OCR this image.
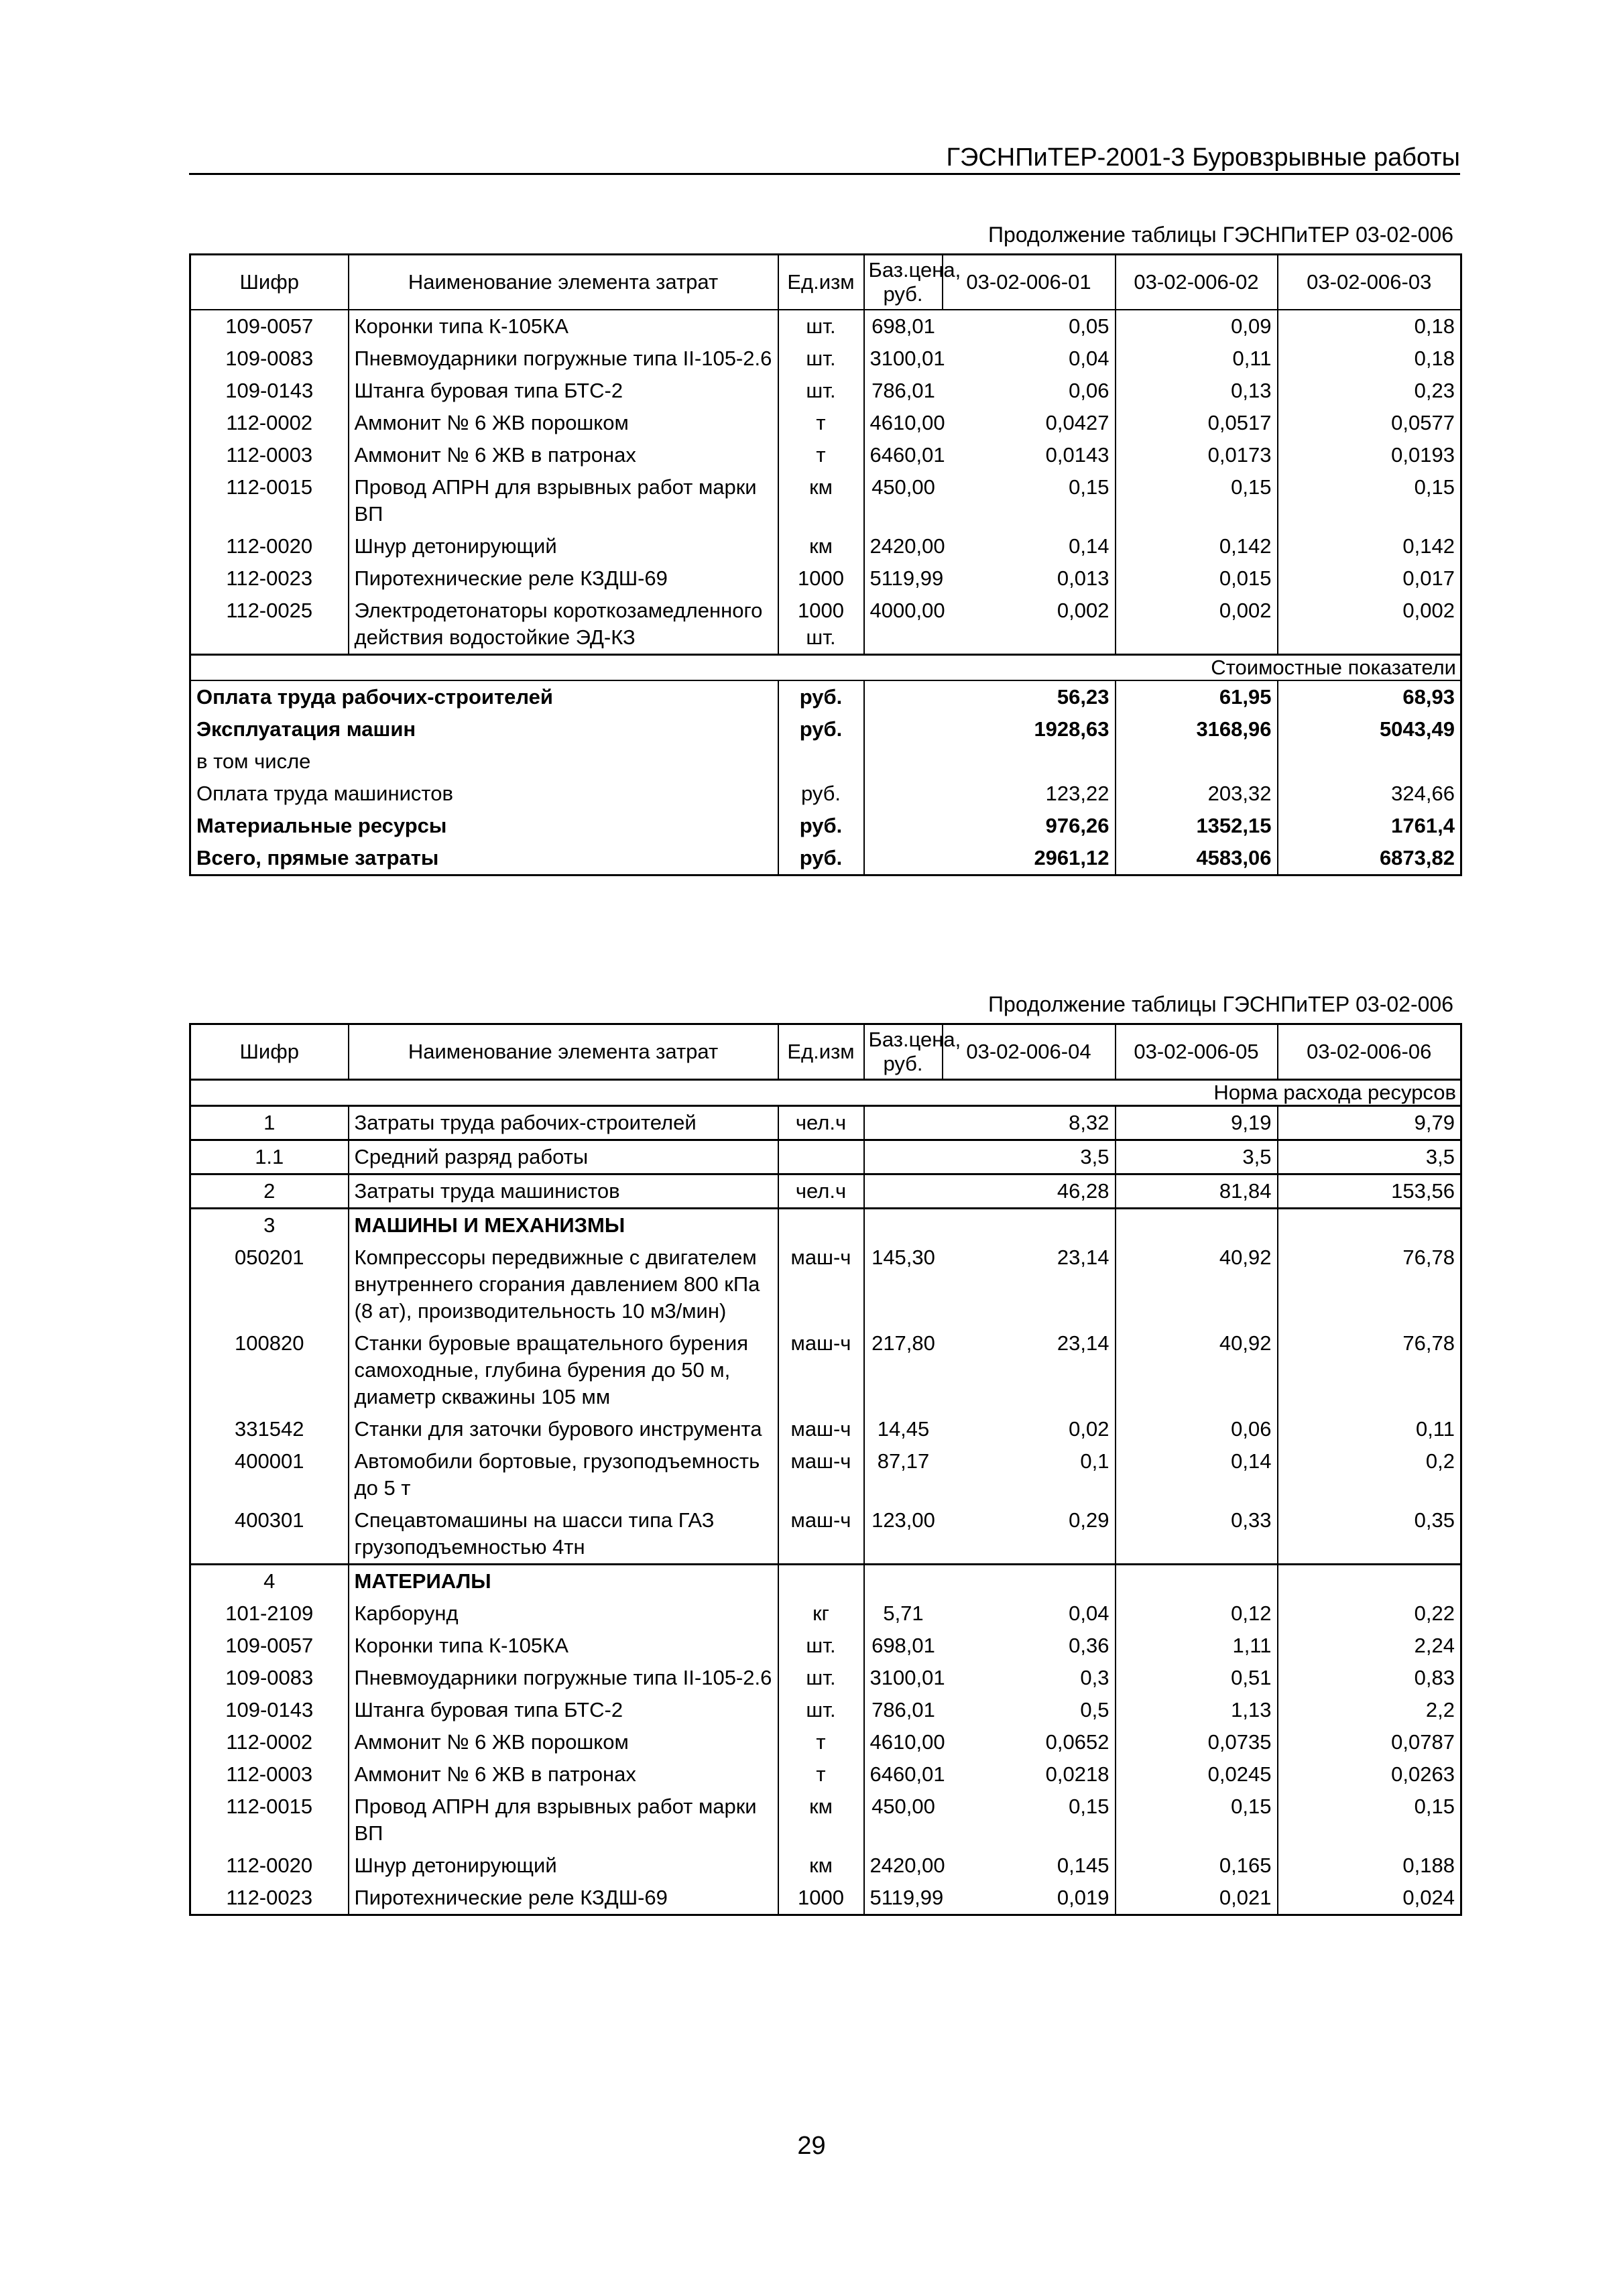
ГЭСНПиТЕР-2001-3 Буровзрывные работы
Продолжение таблицы ГЭСНПиТЕР 03-02-006
Шифр	Наименование элемента затрат	Ед.изм	Баз.цена, руб.	03-02-006-01	03-02-006-02	03-02-006-03
109-0057	Коронки типа К-105КА	шт.	698,01	0,05	0,09	0,18
109-0083	Пневмоударники погружные типа II-105-2.6	шт.	3100,01	0,04	0,11	0,18
109-0143	Штанга буровая типа БТС-2	шт.	786,01	0,06	0,13	0,23
112-0002	Аммонит № 6 ЖВ порошком	т	4610,00	0,0427	0,0517	0,0577
112-0003	Аммонит № 6 ЖВ в патронах	т	6460,01	0,0143	0,0173	0,0193
112-0015	Провод АПРН для взрывных работ марки ВП	км	450,00	0,15	0,15	0,15
112-0020	Шнур детонирующий	км	2420,00	0,14	0,142	0,142
112-0023	Пиротехнические реле КЗДШ-69	1000	5119,99	0,013	0,015	0,017
112-0025	Электродетонаторы короткозамедленного действия водостойкие ЭД-КЗ	1000 шт.	4000,00	0,002	0,002	0,002
Стоимостные показатели						
Оплата труда рабочих-строителей		руб.		56,23	61,95	68,93
Эксплуатация машин		руб.		1928,63	3168,96	5043,49
в том числе						
Оплата труда машинистов		руб.		123,22	203,32	324,66
Материальные ресурсы		руб.		976,26	1352,15	1761,4
Всего, прямые затраты		руб.		2961,12	4583,06	6873,82
Продолжение таблицы ГЭСНПиТЕР 03-02-006
Шифр	Наименование элемента затрат	Ед.изм	Баз.цена, руб.	03-02-006-04	03-02-006-05	03-02-006-06
Норма расхода ресурсов						
1	Затраты труда рабочих-строителей	чел.ч		8,32	9,19	9,79
1.1	Средний разряд работы			3,5	3,5	3,5
2	Затраты труда машинистов	чел.ч		46,28	81,84	153,56
3	МАШИНЫ И МЕХАНИЗМЫ					
050201	Компрессоры передвижные с двигателем внутреннего сгорания давлением 800 кПа (8 ат), производительность 10 м3/мин)	маш-ч	145,30	23,14	40,92	76,78
100820	Станки буровые вращательного бурения самоходные, глубина бурения до 50 м, диаметр скважины 105 мм	маш-ч	217,80	23,14	40,92	76,78
331542	Станки для заточки бурового инструмента	маш-ч	14,45	0,02	0,06	0,11
400001	Автомобили бортовые, грузоподъемность до 5 т	маш-ч	87,17	0,1	0,14	0,2
400301	Спецавтомашины на шасси типа ГАЗ грузоподъемностью 4тн	маш-ч	123,00	0,29	0,33	0,35
4	МАТЕРИАЛЫ					
101-2109	Карборунд	кг	5,71	0,04	0,12	0,22
109-0057	Коронки типа К-105КА	шт.	698,01	0,36	1,11	2,24
109-0083	Пневмоударники погружные типа II-105-2.6	шт.	3100,01	0,3	0,51	0,83
109-0143	Штанга буровая типа БТС-2	шт.	786,01	0,5	1,13	2,2
112-0002	Аммонит № 6 ЖВ порошком	т	4610,00	0,0652	0,0735	0,0787
112-0003	Аммонит № 6 ЖВ в патронах	т	6460,01	0,0218	0,0245	0,0263
112-0015	Провод АПРН для взрывных работ марки ВП	км	450,00	0,15	0,15	0,15
112-0020	Шнур детонирующий	км	2420,00	0,145	0,165	0,188
112-0023	Пиротехнические реле КЗДШ-69	1000	5119,99	0,019	0,021	0,024
29
